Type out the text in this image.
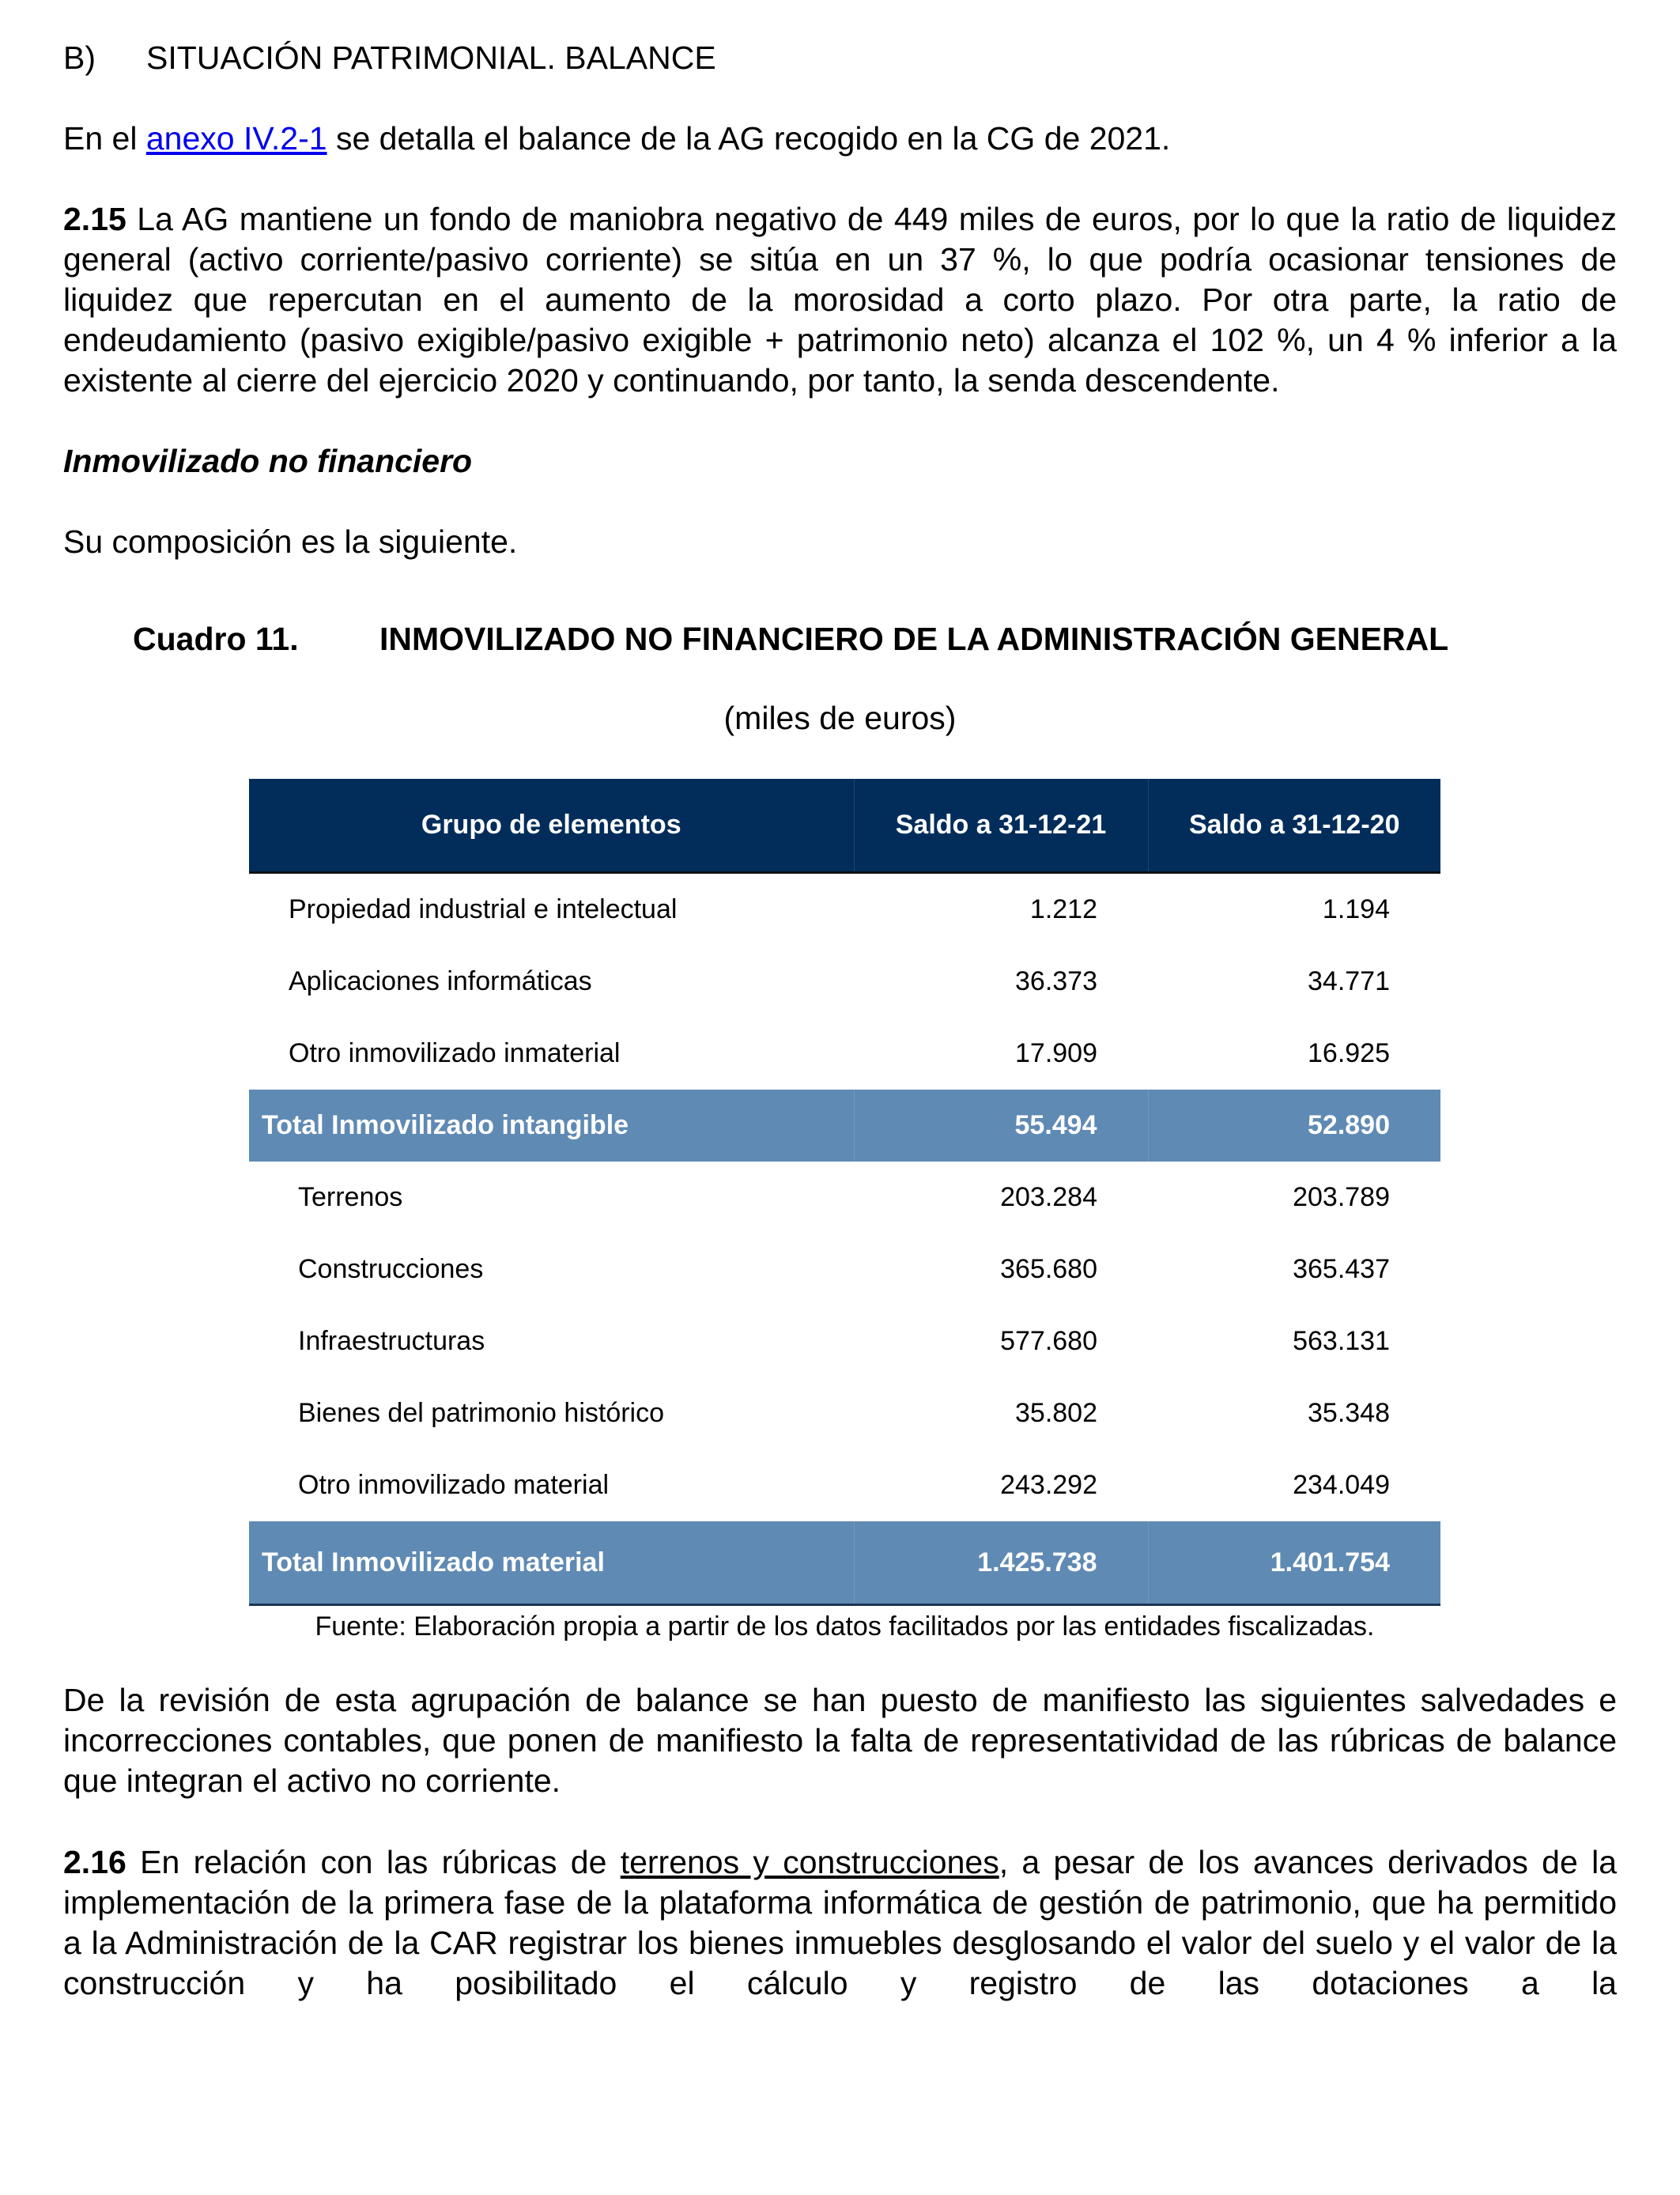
B) SITUACIÓN PATRIMONIAL. BALANCE
En el anexo IV.2-1 se detalla el balance de la AG recogido en la CG de 2021.
2.15 La AG mantiene un fondo de maniobra negativo de 449 miles de euros, por lo que la ratio de liquidez general (activo corriente/pasivo corriente) se sitúa en un 37 %, lo que podría ocasionar tensiones de liquidez que repercutan en el aumento de la morosidad a corto plazo. Por otra parte, la ratio de endeudamiento (pasivo exigible/pasivo exigible + patrimonio neto) alcanza el 102 %, un 4 % inferior a la existente al cierre del ejercicio 2020 y continuando, por tanto, la senda descendente.
Inmovilizado no financiero
Su composición es la siguiente.
Cuadro 11. INMOVILIZADO NO FINANCIERO DE LA ADMINISTRACIÓN GENERAL
(miles de euros)
Grupo de elementos	Saldo a 31-12-21	Saldo a 31-12-20
Propiedad industrial e intelectual	1.212	1.194
Aplicaciones informáticas	36.373	34.771
Otro inmovilizado inmaterial	17.909	16.925
Total Inmovilizado intangible	55.494	52.890
Terrenos	203.284	203.789
Construcciones	365.680	365.437
Infraestructuras	577.680	563.131
Bienes del patrimonio histórico	35.802	35.348
Otro inmovilizado material	243.292	234.049
Total Inmovilizado material	1.425.738	1.401.754
Fuente: Elaboración propia a partir de los datos facilitados por las entidades fiscalizadas.
De la revisión de esta agrupación de balance se han puesto de manifiesto las siguientes salvedades e incorrecciones contables, que ponen de manifiesto la falta de representatividad de las rúbricas de balance que integran el activo no corriente.
2.16 En relación con las rúbricas de terrenos y construcciones, a pesar de los avances derivados de la implementación de la primera fase de la plataforma informática de gestión de patrimonio, que ha permitido a la Administración de la CAR registrar los bienes inmuebles desglosando el valor del suelo y el valor de la construcción y ha posibilitado el cálculo y registro de las dotaciones a la
